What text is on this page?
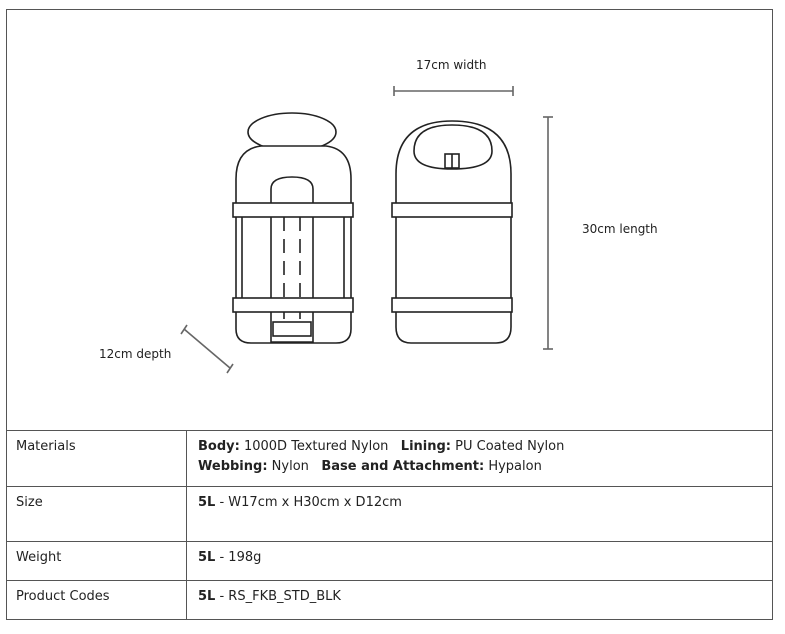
17cm width
30cm length
12cm depth
Materials	Body: 1000D Textured Nylon Lining: PU Coated Nylon
Webbing: Nylon Base and Attachment: Hypalon
Size	5L - W17cm x H30cm x D12cm
Weight	5L - 198g
Product Codes	5L - RS_FKB_STD_BLK
